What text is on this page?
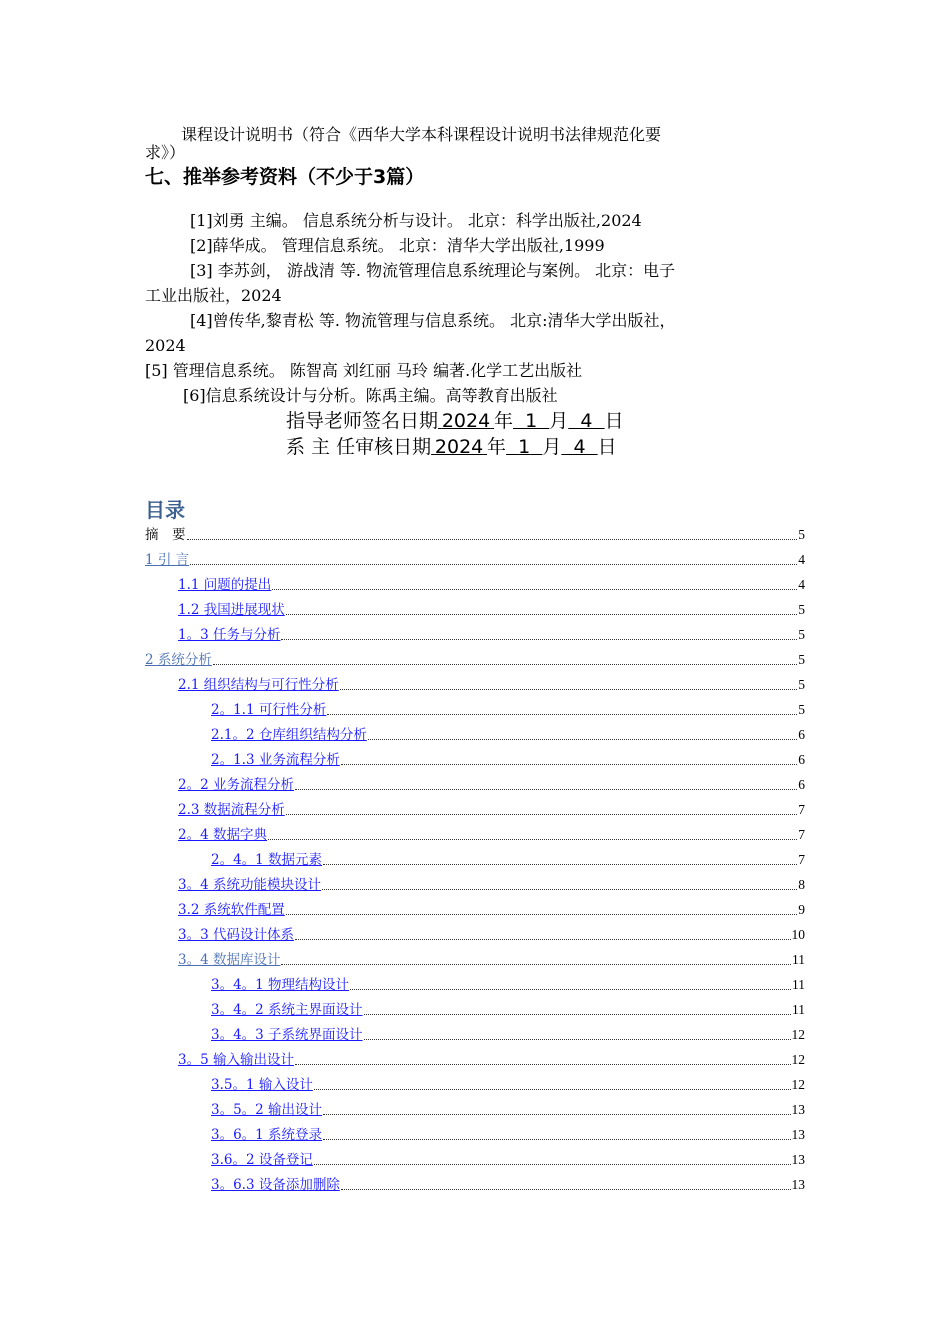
课程设计说明书（符合《西华大学本科课程设计说明书法律规范化要
求》）
七、推举参考资料（不少于3篇）
[1]刘勇 主编。 信息系统分析与设计。 北京：科学出版社,2024
[2]薛华成。 管理信息系统。 北京：清华大学出版社,1999
[3] 李苏剑， 游战清 等. 物流管理信息系统理论与案例。 北京：电子
工业出版社，2024
[4]曾传华,黎青松 等. 物流管理与信息系统。 北京:清华大学出版社，
2024
[5] 管理信息系统。 陈智高 刘红丽 马玲 编著.化学工艺出版社
[6]信息系统设计与分析。陈禹主编。高等教育出版社
指导老师签名日期  2024  年  1  月  4  日
系 主 任审核日期  2024  年  1  月  4  日
目录
摘　要	5
1 引 言	4
1.1 问题的提出	4
1.2 我国进展现状	5
1。3 任务与分析	5
2 系统分析	5
2.1 组织结构与可行性分析	5
2。1.1 可行性分析	5
2.1。2 仓库组织结构分析	6
2。1.3 业务流程分析	6
2。2 业务流程分析	6
2.3 数据流程分析	7
2。4 数据字典	7
2。4。1 数据元素	7
3。4 系统功能模块设计	8
3.2 系统软件配置	9
3。3 代码设计体系	10
3。4 数据库设计	11
3。4。1 物理结构设计	11
3。4。2 系统主界面设计	11
3。4。3 子系统界面设计	12
3。5 输入输出设计	12
3.5。1 输入设计	12
3。5。2 输出设计	13
3。6。1 系统登录	13
3.6。2 设备登记	13
3。6.3 设备添加删除	13
